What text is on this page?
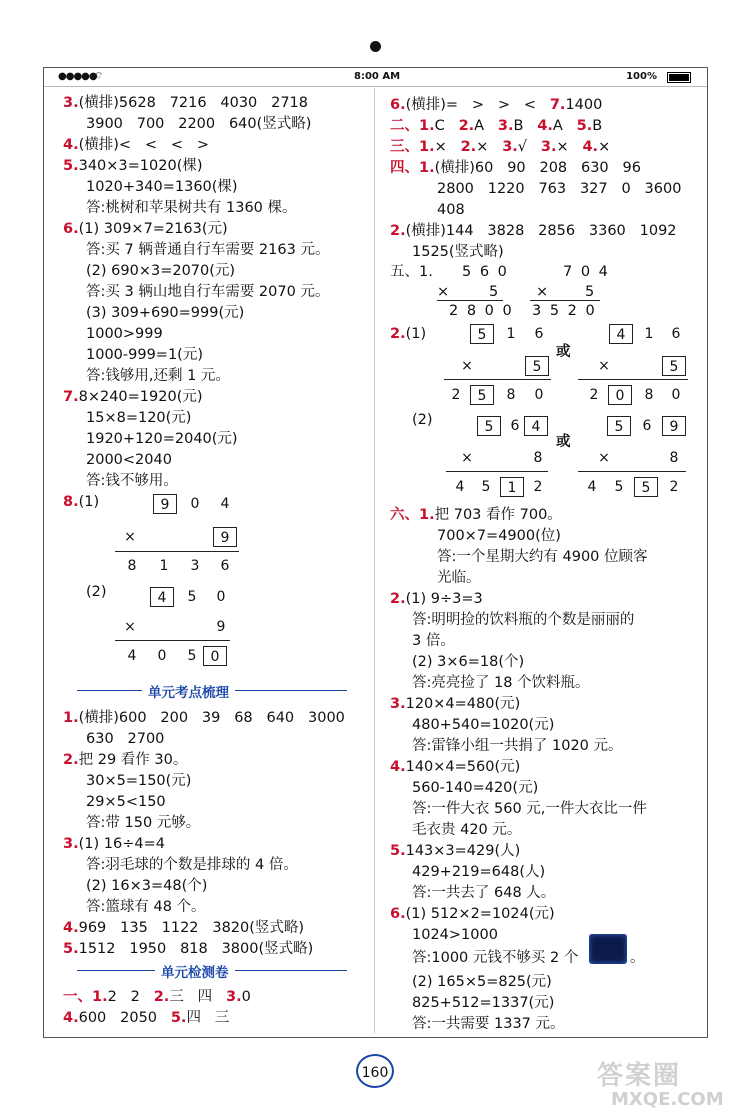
●●●●●
⌔	8:00 AM	100%
3.(横排)5628   7216   4030   2718
3900   700   2200   640(竖式略)
4.(横排)<   <   <   >
5.340×3=1020(棵)
1020+340=1360(棵)
答:桃树和苹果树共有 1360 棵。
6.(1) 309×7=2163(元)
答:买 7 辆普通自行车需要 2163 元。
(2) 690×3=2070(元)
答:买 3 辆山地自行车需要 2070 元。
(3) 309+690=999(元)
1000>999
1000-999=1(元)
答:钱够用,还剩 1 元。
7.8×240=1920(元)
15×8=120(元)
1920+120=2040(元)
2000<2040
答:钱不够用。
8.(1)	9	0	4
×	9
8	1	3	6
(2)	4	5	0
×	9
4	0	5	0
单元考点梳理
1.(横排)600   200   39   68   640   3000
630   2700
2.把 29 看作 30。
30×5=150(元)
29×5<150
答:带 150 元够。
3.(1) 16÷4=4
答:羽毛球的个数是排球的 4 倍。
(2) 16×3=48(个)
答:篮球有 48 个。
4.969   135   1122   3820(竖式略)
5.1512   1950   818   3800(竖式略)
单元检测卷
一、1.2   2 2.三   四 3.0
4.600   2050 5.四   三
6.(横排)=   >   >   < 7.1400
二、1.C 2.A 3.B 4.A 5.B
三、1.× 2.× 3.√ 3.× 4.×
四、1.(横排)60   90   208   630   96
2800   1220   763   327   0   3600
408
2.(横排)144   3828   2856   3360   1092
1525(竖式略)
五、1. 5 6 0
×	5
2 8 0 0
7 0 4
×	5
3 5 2 0
2.(1)	5	1	6
×	5
2	5	8	0
或
4	1	6
×	5
2	0	8	0
(2)	5	6 4
×	8
4	5	1	2
或
5	6	9
×	8
4	5	5	2
六、1.把 703 看作 700。
700×7=4900(位)
答:一个星期大约有 4900 位顾客
光临。
2.(1) 9÷3=3
答:明明捡的饮料瓶的个数是丽丽的
3 倍。
(2) 3×6=18(个)
答:亮亮捡了 18 个饮料瓶。
3.120×4=480(元)
480+540=1020(元)
答:雷锋小组一共捐了 1020 元。
4.140×4=560(元)
560-140=420(元)
答:一件大衣 560 元,一件大衣比一件
毛衣贵 420 元。
5.143×3=429(人)
429+219=648(人)
答:一共去了 648 人。
6.(1) 512×2=1024(元)
1024>1000
答:1000 元钱不够买 2 个	。
(2) 165×5=825(元)
825+512=1337(元)
答:一共需要 1337 元。
160	答案圈
MXQE.COM
